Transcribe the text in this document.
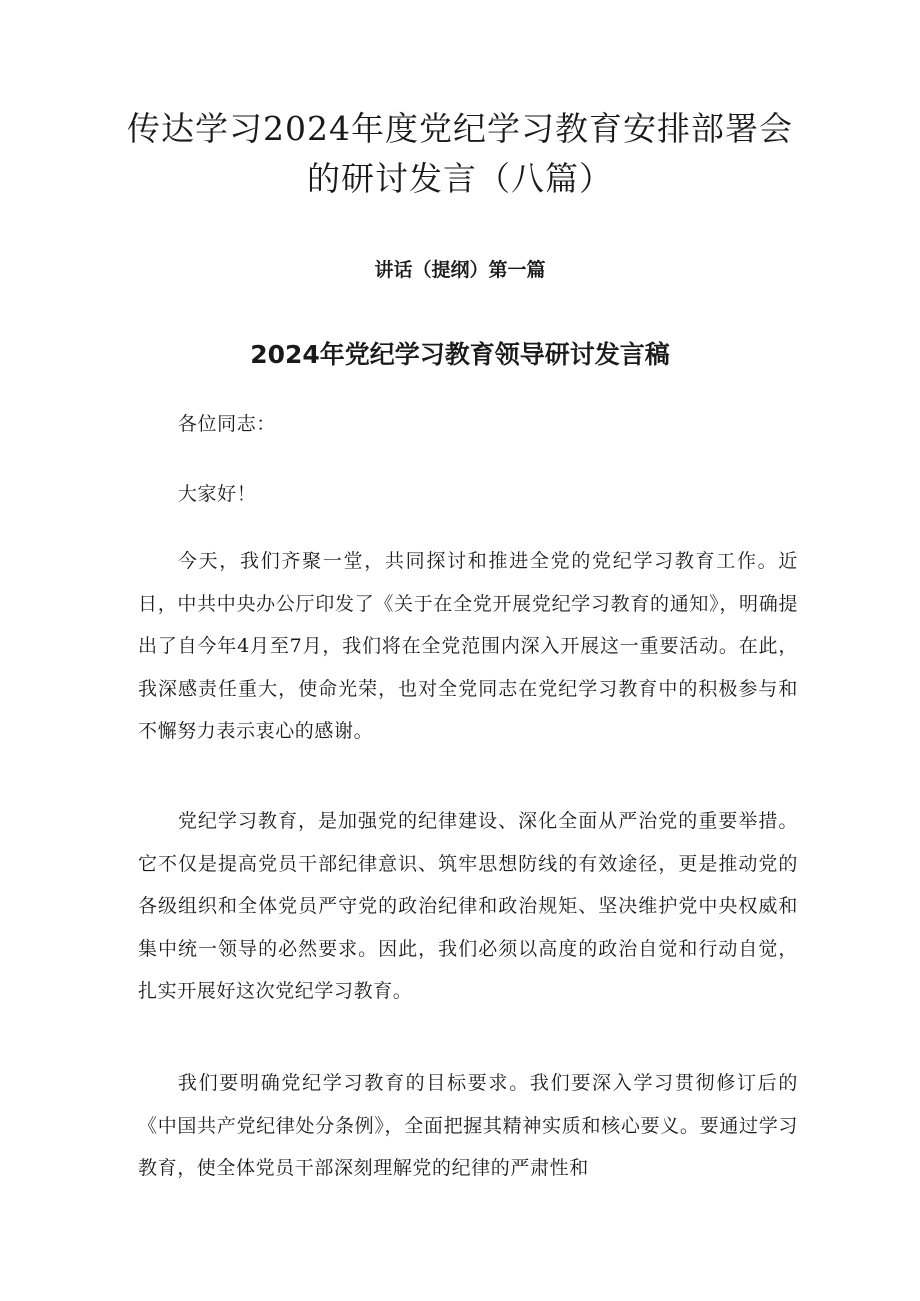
传达学习2024年度党纪学习教育安排部署会
的研讨发言（八篇）
讲话（提纲）第一篇
2024年党纪学习教育领导研讨发言稿

各位同志：

大家好！

今天，我们齐聚一堂，共同探讨和推进全党的党纪学习教育工作。近日，中共中央办公厅印发了《关于在全党开展党纪学习教育的通知》，明确提出了自今年4月至7月，我们将在全党范围内深入开展这一重要活动。在此，我深感责任重大，使命光荣，也对全党同志在党纪学习教育中的积极参与和不懈努力表示衷心的感谢。

党纪学习教育，是加强党的纪律建设、深化全面从严治党的重要举措。它不仅是提高党员干部纪律意识、筑牢思想防线的有效途径，更是推动党的各级组织和全体党员严守党的政治纪律和政治规矩、坚决维护党中央权威和集中统一领导的必然要求。因此，我们必须以高度的政治自觉和行动自觉，扎实开展好这次党纪学习教育。

我们要明确党纪学习教育的目标要求。我们要深入学习贯彻修订后的《中国共产党纪律处分条例》，全面把握其精神实质和核心要义。要通过学习教育，使全体党员干部深刻理解党的纪律的严肃性和
